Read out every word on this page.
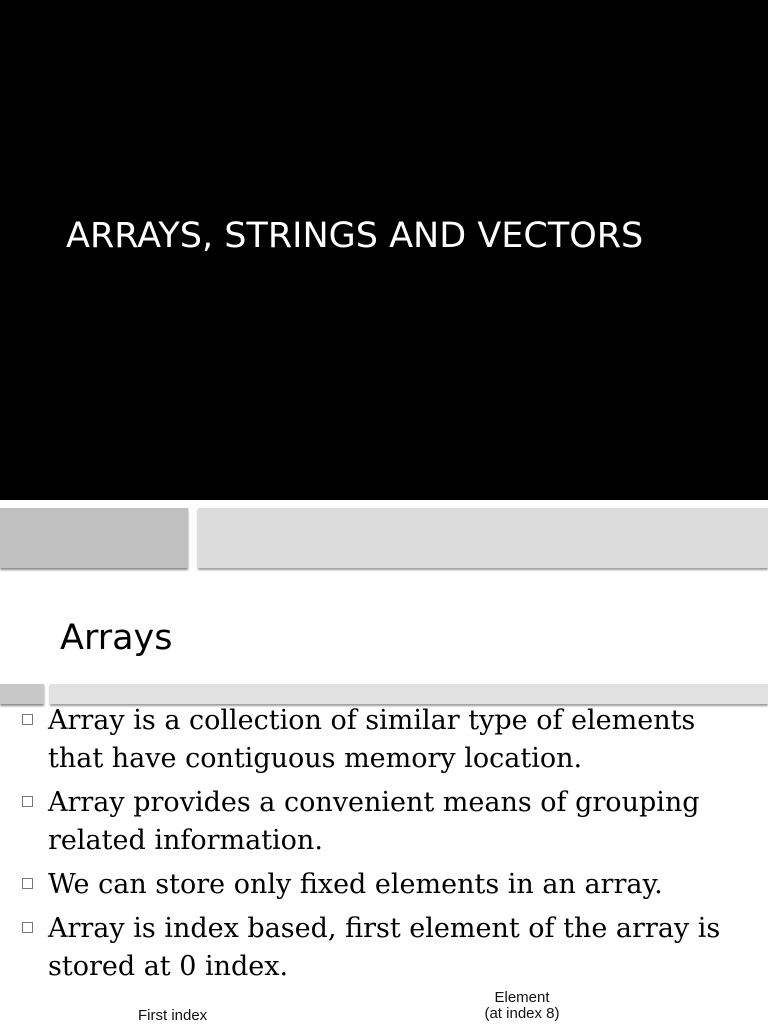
ARRAYS, STRINGS AND VECTORS
Arrays
Array is a collection of similar type of elements that have contiguous memory location.
Array provides a convenient means of grouping related information.
We can store only fixed elements in an array.
Array is index based, first element of the array is stored at 0 index.
First index
Element
(at index 8)
